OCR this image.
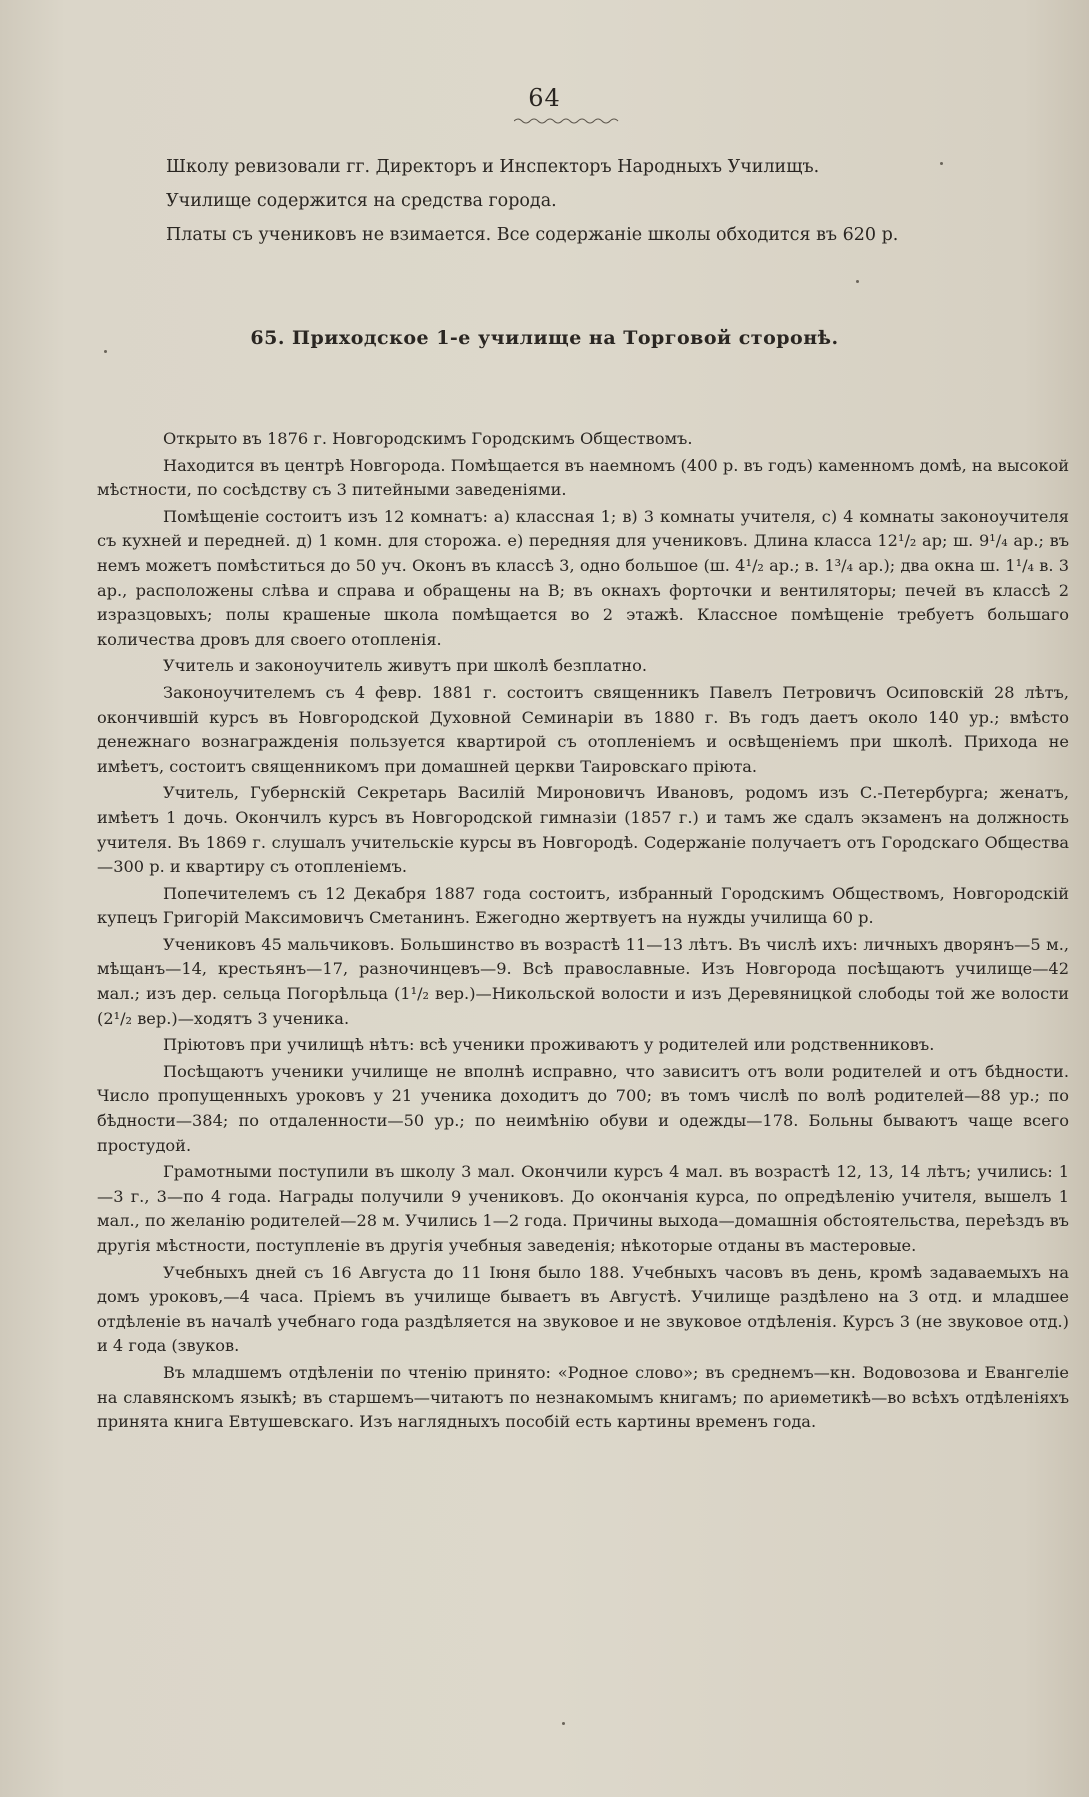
64

Школу ревизовали гг. Директоръ и Инспекторъ Народныхъ Училищъ.

Училище содержится на средства города.

Платы съ учениковъ не взимается. Все содержаніе школы обходится въ 620 р.

65. Приходское 1-е училище на Торговой сторонѣ.

Открыто въ 1876 г. Новгородскимъ Городскимъ Обществомъ.

Находится въ центрѣ Новгорода. Помѣщается въ наемномъ (400 р. въ годъ) каменномъ домѣ, на высокой мѣстности, по сосѣдству съ 3 питейными заведеніями.

Помѣщеніе состоитъ изъ 12 комнатъ: а) классная 1; в) 3 комнаты учителя, с) 4 комнаты законоучителя съ кухней и передней. д) 1 комн. для сторожа. е) передняя для учениковъ. Длина класса 12¹/₂ ар; ш. 9¹/₄ ар.; въ немъ можетъ помѣститься до 50 уч. Оконъ въ классѣ 3, одно большое (ш. 4¹/₂ ар.; в. 1³/₄ ар.); два окна ш. 1¹/₄ в. 3 ар., расположены слѣва и справа и обращены на В; въ окнахъ форточки и вентиляторы; печей въ классѣ 2 изразцовыхъ; полы крашеные школа помѣщается во 2 этажѣ. Классное помѣщеніе требуетъ большаго количества дровъ для своего отопленія.

Учитель и законоучитель живутъ при школѣ безплатно.

Законоучителемъ съ 4 февр. 1881 г. состоитъ священникъ Павелъ Петровичъ Осиповскій 28 лѣтъ, окончившій курсъ въ Новгородской Духовной Семинаріи въ 1880 г. Въ годъ даетъ около 140 ур.; вмѣсто денежнаго вознагражденія пользуется квартирой съ отопленіемъ и освѣщеніемъ при школѣ. Прихода не имѣетъ, состоитъ священникомъ при домашней церкви Таировскаго пріюта.

Учитель, Губернскій Секретарь Василій Мироновичъ Ивановъ, родомъ изъ С.-Петербурга; женатъ, имѣетъ 1 дочь. Окончилъ курсъ въ Новгородской гимназіи (1857 г.) и тамъ же сдалъ экзаменъ на должность учителя. Въ 1869 г. слушалъ учительскіе курсы въ Новгородѣ. Содержаніе получаетъ отъ Городскаго Общества—300 р. и квартиру съ отопленіемъ.

Попечителемъ съ 12 Декабря 1887 года состоитъ, избранный Городскимъ Обществомъ, Новгородскій купецъ Григорій Максимовичъ Сметанинъ. Ежегодно жертвуетъ на нужды училища 60 р.

Учениковъ 45 мальчиковъ. Большинство въ возрастѣ 11—13 лѣтъ. Въ числѣ ихъ: личныхъ дворянъ—5 м., мѣщанъ—14, крестьянъ—17, разночинцевъ—9. Всѣ православные. Изъ Новгорода посѣщаютъ училище—42 мал.; изъ дер. сельца Погорѣльца (1¹/₂ вер.)—Никольской волости и изъ Деревяницкой слободы той же волости (2¹/₂ вер.)—ходятъ 3 ученика.

Пріютовъ при училищѣ нѣтъ: всѣ ученики проживаютъ у родителей или родственниковъ.

Посѣщаютъ ученики училище не вполнѣ исправно, что зависитъ отъ воли родителей и отъ бѣдности. Число пропущенныхъ уроковъ у 21 ученика доходитъ до 700; въ томъ числѣ по волѣ родителей—88 ур.; по бѣдности—384; по отдаленности—50 ур.; по неимѣнію обуви и одежды—178. Больны бываютъ чаще всего простудой.

Грамотными поступили въ школу 3 мал. Окончили курсъ 4 мал. въ возрастѣ 12, 13, 14 лѣтъ; учились: 1—3 г., 3—по 4 года. Награды получили 9 учениковъ. До окончанія курса, по опредѣленію учителя, вышелъ 1 мал., по желанію родителей—28 м. Учились 1—2 года. Причины выхода—домашнія обстоятельства, переѣздъ въ другія мѣстности, поступленіе въ другія учебныя заведенія; нѣкоторые отданы въ мастеровые.

Учебныхъ дней съ 16 Августа до 11 Іюня было 188. Учебныхъ часовъ въ день, кромѣ задаваемыхъ на домъ уроковъ,—4 часа. Пріемъ въ училище бываетъ въ Августѣ. Училище раздѣлено на 3 отд. и младшее отдѣленіе въ началѣ учебнаго года раздѣляется на звуковое и не звуковое отдѣленія. Курсъ 3 (не звуковое отд.) и 4 года (звуков.

Въ младшемъ отдѣленіи по чтенію принято: «Родное слово»; въ среднемъ—кн. Водовозова и Евангеліе на славянскомъ языкѣ; въ старшемъ—читаютъ по незнакомымъ книгамъ; по ариѳметикѣ—во всѣхъ отдѣленіяхъ принята книга Евтушевскаго. Изъ наглядныхъ пособій есть картины временъ года.
